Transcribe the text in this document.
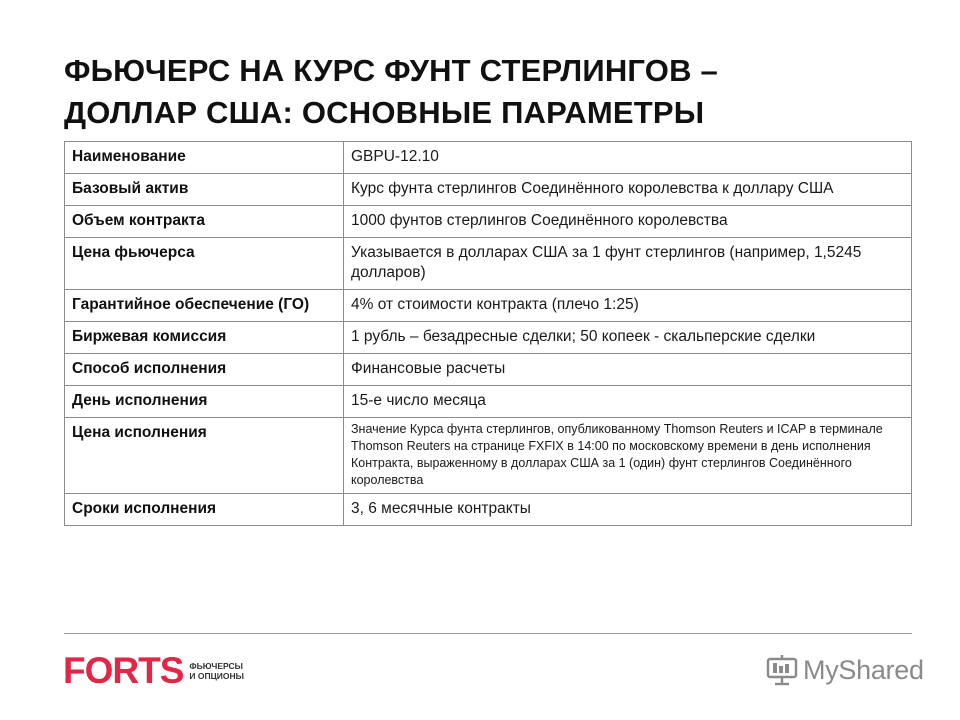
ФЬЮЧЕРС НА КУРС ФУНТ СТЕРЛИНГОВ –
ДОЛЛАР США: ОСНОВНЫЕ ПАРАМЕТРЫ
Наименование	GBPU-12.10
Базовый актив	Курс фунта стерлингов Соединённого королевства к доллару США
Объем контракта	1000 фунтов стерлингов Соединённого королевства
Цена фьючерса	Указывается в долларах США за 1 фунт стерлингов (например, 1,5245 долларов)
Гарантийное обеспечение (ГО)	4% от стоимости контракта (плечо 1:25)
Биржевая комиссия	1 рубль – безадресные сделки; 50 копеек - скальперские сделки
Способ исполнения	Финансовые расчеты
День исполнения	15-е число месяца
Цена исполнения	Значение Курса фунта стерлингов, опубликованному Thomson Reuters и ICAP в терминале Thomson Reuters на странице FXFIX в 14:00 по московскому времени в день исполнения Контракта, выраженному в долларах США за 1 (один) фунт стерлингов Соединённого королевства
Сроки исполнения	3, 6 месячные контракты
FORTS ФЬЮЧЕРСЫ
И ОПЦИОНЫ	MyShared
